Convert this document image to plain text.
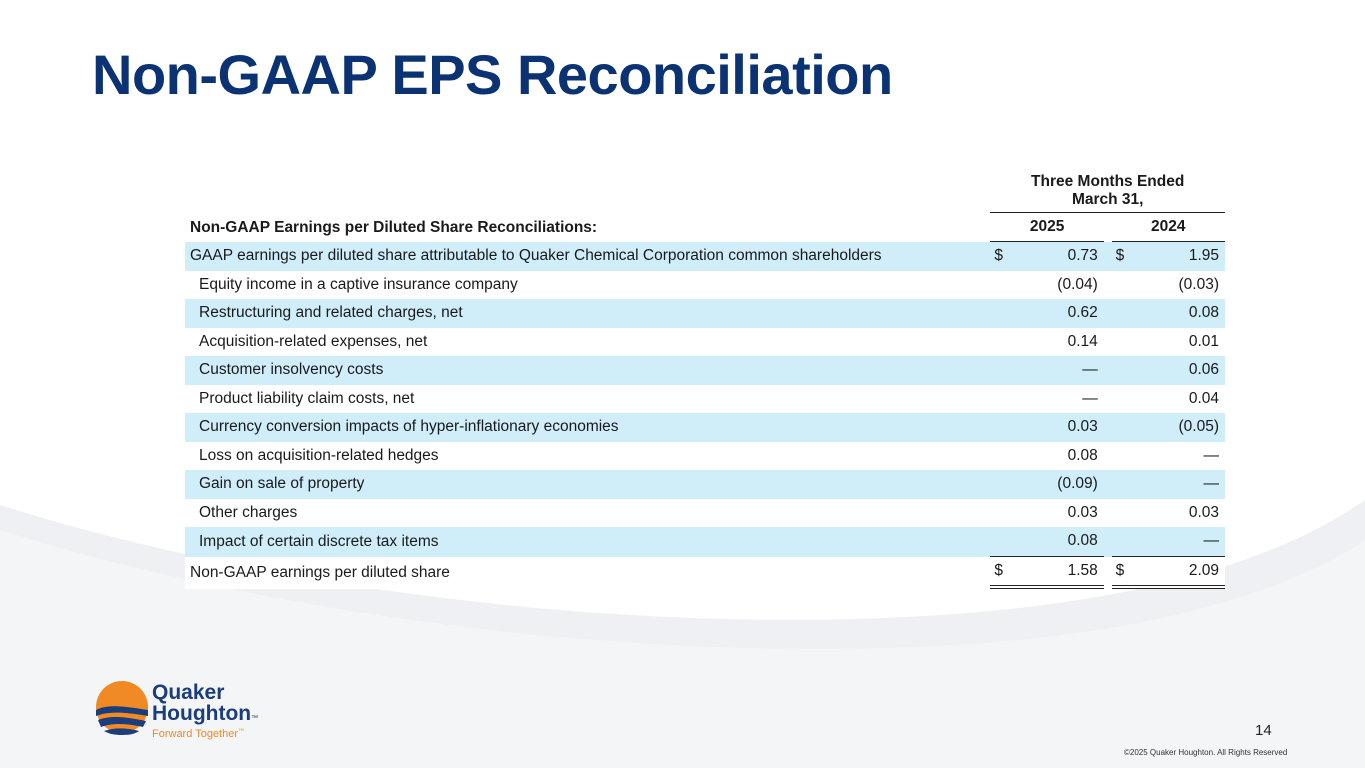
Non-GAAP EPS Reconciliation
	Three Months Ended
March 31,				
Non-GAAP Earnings per Diluted Share Reconciliations:	2025			2024	
GAAP earnings per diluted share attributable to Quaker Chemical Corporation common shareholders	$	0.73		$	1.95
Equity income in a captive insurance company		(0.04)			(0.03)
Restructuring and related charges, net		0.62			0.08
Acquisition-related expenses, net		0.14			0.01
Customer insolvency costs		—			0.06
Product liability claim costs, net		—			0.04
Currency conversion impacts of hyper-inflationary economies		0.03			(0.05)
Loss on acquisition-related hedges		0.08			—
Gain on sale of property		(0.09)			—
Other charges		0.03			0.03
Impact of certain discrete tax items		0.08			—
Non-GAAP earnings per diluted share	$	1.58		$	2.09
Quaker
Houghton™
Forward Together™	14
©2025 Quaker Houghton. All Rights Reserved
